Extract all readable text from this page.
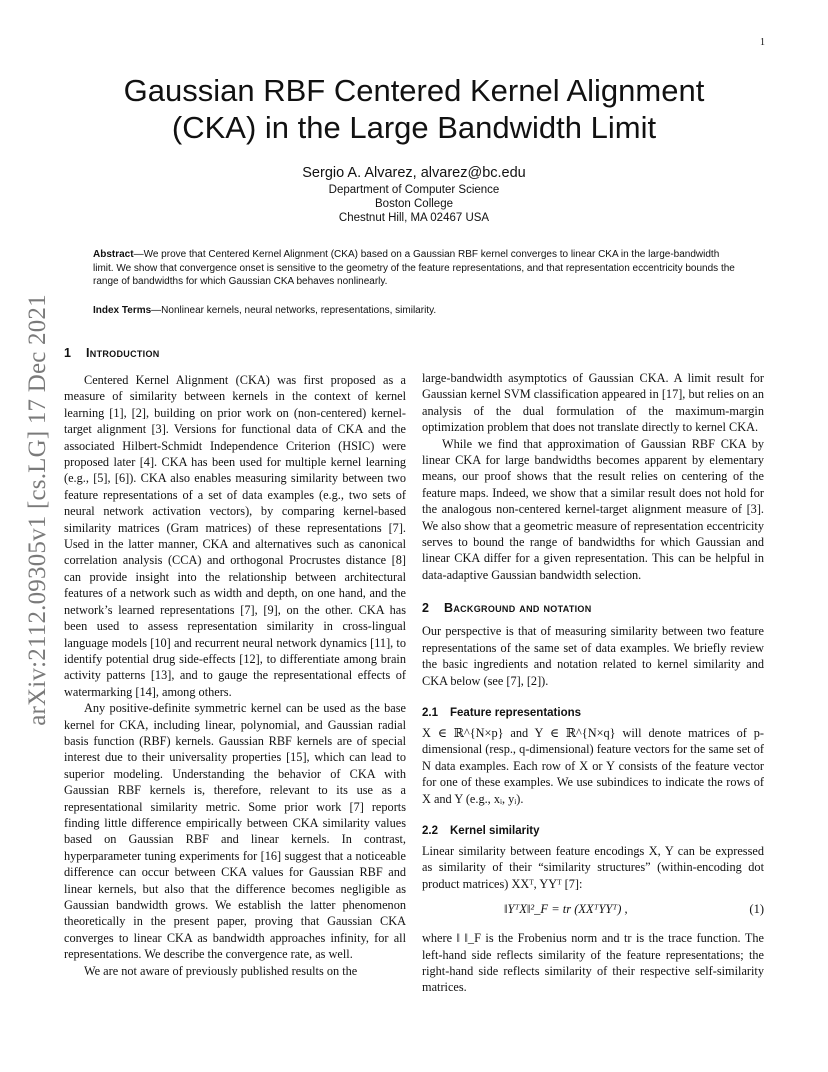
1
arXiv:2112.09305v1 [cs.LG] 17 Dec 2021
Gaussian RBF Centered Kernel Alignment
(CKA) in the Large Bandwidth Limit
Sergio A. Alvarez, alvarez@bc.edu
Department of Computer Science
Boston College
Chestnut Hill, MA 02467 USA
Abstract—We prove that Centered Kernel Alignment (CKA) based on a Gaussian RBF kernel converges to linear CKA in the large-bandwidth limit. We show that convergence onset is sensitive to the geometry of the feature representations, and that representation eccentricity bounds the range of bandwidths for which Gaussian CKA behaves nonlinearly.
Index Terms—Nonlinear kernels, neural networks, representations, similarity.
1 Introduction

Centered Kernel Alignment (CKA) was first proposed as a measure of similarity between kernels in the context of kernel learning [1], [2], building on prior work on (non-centered) kernel-target alignment [3]. Versions for functional data of CKA and the associated Hilbert-Schmidt Independence Criterion (HSIC) were proposed later [4]. CKA has been used for multiple kernel learning (e.g., [5], [6]). CKA also enables measuring similarity between two feature representations of a set of data examples (e.g., two sets of neural network activation vectors), by comparing kernel-based similarity matrices (Gram matrices) of these representations [7]. Used in the latter manner, CKA and alternatives such as canonical correlation analysis (CCA) and orthogonal Procrustes distance [8] can provide insight into the relationship between architectural features of a network such as width and depth, on one hand, and the network’s learned representations [7], [9], on the other. CKA has been used to assess representation similarity in cross-lingual language models [10] and recurrent neural network dynamics [11], to identify potential drug side-effects [12], to differentiate among brain activity patterns [13], and to gauge the representational effects of watermarking [14], among others.

Any positive-definite symmetric kernel can be used as the base kernel for CKA, including linear, polynomial, and Gaussian radial basis function (RBF) kernels. Gaussian RBF kernels are of special interest due to their universality properties [15], which can lead to superior modeling. Understanding the behavior of CKA with Gaussian RBF kernels is, therefore, relevant to its use as a representational similarity metric. Some prior work [7] reports finding little difference empirically between CKA similarity values based on Gaussian RBF and linear kernels. In contrast, hyperparameter tuning experiments for [16] suggest that a noticeable difference can occur between CKA values for Gaussian RBF and linear kernels, but also that the difference becomes negligible as Gaussian bandwidth grows. We establish the latter phenomenon theoretically in the present paper, proving that Gaussian CKA converges to linear CKA as bandwidth approaches infinity, for all representations. We describe the convergence rate, as well.

We are not aware of previously published results on the

large-bandwidth asymptotics of Gaussian CKA. A limit result for Gaussian kernel SVM classification appeared in [17], but relies on an analysis of the dual formulation of the maximum-margin optimization problem that does not translate directly to kernel CKA.

While we find that approximation of Gaussian RBF CKA by linear CKA for large bandwidths becomes apparent by elementary means, our proof shows that the result relies on centering of the feature maps. Indeed, we show that a similar result does not hold for the analogous non-centered kernel-target alignment measure of [3]. We also show that a geometric measure of representation eccentricity serves to bound the range of bandwidths for which Gaussian and linear CKA differ for a given representation. This can be helpful in data-adaptive Gaussian bandwidth selection.

2 Background and notation

Our perspective is that of measuring similarity between two feature representations of the same set of data examples. We briefly review the basic ingredients and notation related to kernel similarity and CKA below (see [7], [2]).

2.1 Feature representations

X ∈ ℝ^{N×p} and Y ∈ ℝ^{N×q} will denote matrices of p-dimensional (resp., q-dimensional) feature vectors for the same set of N data examples. Each row of X or Y consists of the feature vector for one of these examples. We use subindices to indicate the rows of X and Y (e.g., xᵢ, yᵢ).

2.2 Kernel similarity

Linear similarity between feature encodings X, Y can be expressed as similarity of their “similarity structures” (within-encoding dot product matrices) XXᵀ, YYᵀ [7]:

‖YᵀX‖²_F = tr (XXᵀYYᵀ) ,	(1)

where ‖ ‖_F is the Frobenius norm and tr is the trace function. The left-hand side reflects similarity of the feature representations; the right-hand side reflects similarity of their respective self-similarity matrices.
